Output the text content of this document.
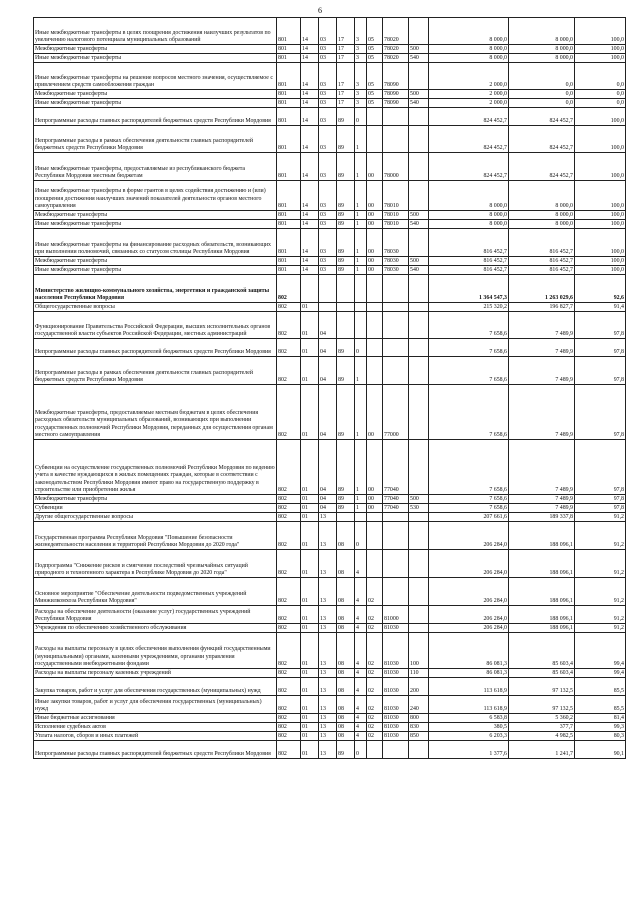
6
Иные межбюджетные трансферты в целях поощрения достижения наилучших результатов по увеличению налогового потенциала муниципальных образований	801	14	03	17	3	05	78020		8 000,0	8 000,0	100,0
Межбюджетные трансферты	801	14	03	17	3	05	78020	500	8 000,0	8 000,0	100,0
Иные межбюджетные трансферты	801	14	03	17	3	05	78020	540	8 000,0	8 000,0	100,0
Иные межбюджетные трансферты на решение вопросов местного значения, осуществляемое с привлечением средств самообложения граждан	801	14	03	17	3	05	78090		2 000,0	0,0	0,0
Межбюджетные трансферты	801	14	03	17	3	05	78090	500	2 000,0	0,0	0,0
Иные межбюджетные трансферты	801	14	03	17	3	05	78090	540	2 000,0	0,0	0,0
Непрограммные расходы главных распорядителей бюджетных средств Республики Мордовия	801	14	03	89	0				824 452,7	824 452,7	100,0
Непрограммные расходы в рамках обеспечения деятельности главных распорядителей бюджетных средств Республики Мордовия	801	14	03	89	1				824 452,7	824 452,7	100,0
Иные межбюджетные трансферты, предоставляемые из республиканского бюджета Республики Мордовия местным бюджетам	801	14	03	89	1	00	78000		824 452,7	824 452,7	100,0
Иные межбюджетные трансферты в форме грантов в целях содействия достижению и (или) поощрения достижения наилучших значений показателей деятельности органов местного самоуправления	801	14	03	89	1	00	78010		8 000,0	8 000,0	100,0
Межбюджетные трансферты	801	14	03	89	1	00	78010	500	8 000,0	8 000,0	100,0
Иные межбюджетные трансферты	801	14	03	89	1	00	78010	540	8 000,0	8 000,0	100,0
Иные межбюджетные трансферты на финансирование расходных обязательств, возникающих при выполнении полномочий, связанных со статусом столицы Республики Мордовия	801	14	03	89	1	00	78030		816 452,7	816 452,7	100,0
Межбюджетные трансферты	801	14	03	89	1	00	78030	500	816 452,7	816 452,7	100,0
Иные межбюджетные трансферты	801	14	03	89	1	00	78030	540	816 452,7	816 452,7	100,0
Министерство жилищно-коммунального хозяйства, энергетики и гражданской защиты населения Республики Мордовия	802								1 364 547,3	1 263 029,6	92,6
Общегосударственные вопросы	802	01							215 320,2	196 827,7	91,4
Функционирование Правительства Российской Федерации, высших исполнительных органов государственной власти субъектов Российской Федерации, местных администраций	802	01	04						7 658,6	7 489,9	97,8
Непрограммные расходы главных распорядителей бюджетных средств Республики Мордовия	802	01	04	89	0				7 658,6	7 489,9	97,8
Непрограммные расходы в рамках обеспечения деятельности главных распорядителей бюджетных средств Республики Мордовия	802	01	04	89	1				7 658,6	7 489,9	97,8
Межбюджетные трансферты, предоставляемые местным бюджетам в целях обеспечения расходных обязательств муниципальных образований, возникающих при выполнении государственных полномочий Республики Мордовия, переданных для осуществления органам местного самоуправления	802	01	04	89	1	00	77000		7 658,6	7 489,9	97,8
Субвенции на осуществление государственных полномочий Республики Мордовия по ведению учета в качестве нуждающихся в жилых помещениях граждан, которые в соответствии с законодательством Республики Мордовия имеют право на государственную поддержку в строительстве или приобретении жилья	802	01	04	89	1	00	77040		7 658,6	7 489,9	97,8
Межбюджетные трансферты	802	01	04	89	1	00	77040	500	7 658,6	7 489,9	97,8
Субвенции	802	01	04	89	1	00	77040	530	7 658,6	7 489,9	97,8
Другие общегосударственные вопросы	802	01	13						207 661,6	189 337,8	91,2
Государственная программа Республики Мордовия "Повышение безопасности жизнедеятельности населения и территорий Республики Мордовия до 2020 года"	802	01	13	08	0				206 284,0	188 096,1	91,2
Подпрограмма "Снижение рисков и смягчение последствий чрезвычайных ситуаций природного и техногенного характера в Республике Мордовия до 2020 года"	802	01	13	08	4				206 284,0	188 096,1	91,2
Основное мероприятие "Обеспечение деятельности подведомственных учреждений Минжилкомхоза Республики Мордовия"	802	01	13	08	4	02			206 284,0	188 096,1	91,2
Расходы на обеспечение деятельности (оказание услуг) государственных учреждений Республики Мордовия	802	01	13	08	4	02	81000		206 284,0	188 096,1	91,2
Учреждения по обеспечению хозяйственного обслуживания	802	01	13	08	4	02	81030		206 284,0	188 096,1	91,2
Расходы на выплаты персоналу в целях обеспечения выполнения функций государственными (муниципальными) органами, казенными учреждениями, органами управления государственными внебюджетными фондами	802	01	13	08	4	02	81030	100	86 081,3	85 603,4	99,4
Расходы на выплаты персоналу казенных учреждений	802	01	13	08	4	02	81030	110	86 081,3	85 603,4	99,4
Закупка товаров, работ и услуг для обеспечения государственных (муниципальных) нужд	802	01	13	08	4	02	81030	200	113 618,9	97 132,5	85,5
Иные закупки товаров, работ и услуг для обеспечения государственных (муниципальных) нужд	802	01	13	08	4	02	81030	240	113 618,9	97 132,5	85,5
Иные бюджетные ассигнования	802	01	13	08	4	02	81030	800	6 583,8	5 360,2	81,4
Исполнение судебных актов	802	01	13	08	4	02	81030	830	380,5	377,7	99,3
Уплата налогов, сборов и иных платежей	802	01	13	08	4	02	81030	850	6 203,3	4 982,5	80,3
Непрограммные расходы главных распорядителей бюджетных средств Республики Мордовия	802	01	13	89	0				1 377,6	1 241,7	90,1
